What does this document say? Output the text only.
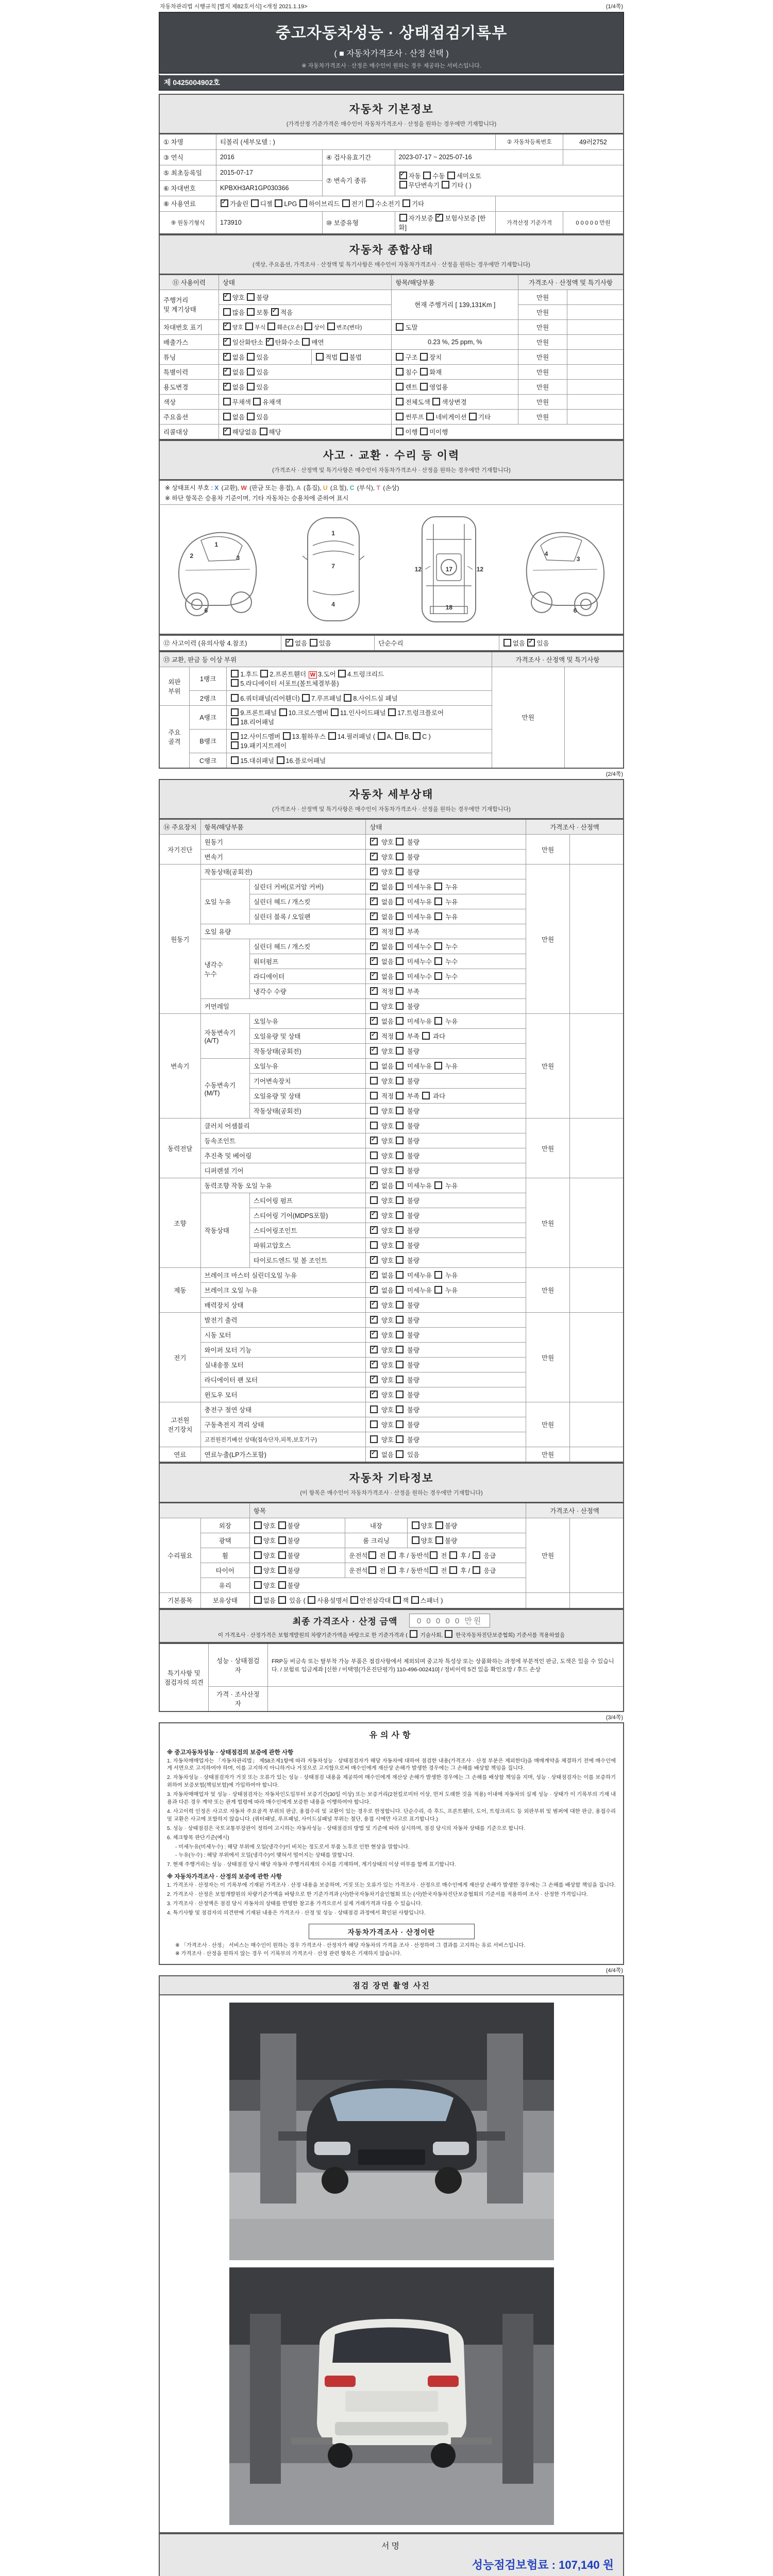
자동차관리법 시행규칙 [별지 제82호서식] <개정 2021.1.19>	(1/4쪽)
중고자동차성능 · 상태점검기록부
( ■ 자동차가격조사 · 산정 선택 )
※ 자동차가격조사 · 산정은 매수인이 원하는 경우 제공하는 서비스입니다.
제 0425004902호
자동차 기본정보
(가격산정 기준가격은 매수인이 자동차가격조사 · 산정을 원하는 경우에만 기재합니다)
① 차명	티볼리 (세부모델 : )			② 자동차등록번호	49러2752
③ 연식	2016	④ 검사유효기간	2023-07-17 ~ 2025-07-16		
⑤ 최초등록일	2015-07-17	⑦ 변속기 종류	✓자동 수동 세미오토
무단변속기 기타 ( )
⑥ 차대번호	KPBXH3AR1GP030366				
⑧ 사용연료	✓가솔린 디젤 LPG 하이브리드 전기 수소전기 기타	
⑨ 원동기형식	173910	⑩ 보증유형	자가보증 ✓보험사보증 [한화]	가격산정 기준가격	0 0 0 0 0 만원
자동차 종합상태
(색상, 주요옵션, 가격조사 · 산정액 및 특기사항은 매수인이 자동차가격조사 · 산정을 원하는 경우에만 기재합니다)
⑪ 사용이력	상태		항목/해당부품	가격조사 · 산정액 및 특기사항	
주행거리
및 계기상태	✓양호 불량		현재 주행거리 [ 139,131Km ]	만원	
	많음 보통 ✓적음			만원	
차대번호 표기	✓양호 부식 훼손(오손) 상이 변조(변타)		도말	만원	
배출가스	✓일산화탄소 ✓탄화수소 매연		0.23 %, 25 ppm, %	만원	
튜닝	✓없음 있음	적법 불법	구조 장치	만원	
특별이력	✓없음 있음		침수 화재	만원	
용도변경	✓없음 있음		렌트 영업용	만원	
색상	무채색 유채색		전체도색 색상변경	만원	
주요옵션	없음 있음		썬루프 네비게이션 기타	만원	
리콜대상	✓해당없음 해당		이행 미이행		
사고 · 교환 · 수리 등 이력
(가격조사 · 산정액 및 특기사항은 매수인이 자동차가격조사 · 산정을 원하는 경우에만 기재합니다)
※ 상태표시 부호 : X (교환), W (판금 또는 용접), A (흠집), U (요철), C (부식), T (손상)
※ 하단 항목은 승용차 기준이며, 기타 자동차는 승용차에 준하여 표시
1
2	3
6
1
7
4
12	17	12
18
4
3
6
⑫ 사고이력 (유의사항 4.참조)	✓없음 있음	단순수리	없음 ✓있음
⑬ 교환, 판금 등 이상 부위			가격조사 · 산정액 및 특기사항	
외판
부위	1랭크	1.후드 2.프론트휀더 W 3.도어 4.트렁크리드
5.라디에이터 서포트(볼트체결부품)	만원	
	2랭크	6.쿼터패널(리어휀더) 7.루프패널 8.사이드실 패널		
주요
골격	A랭크	9.프론트패널 10.크로스멤버 11.인사이드패널 17.트렁크플로어
18.리어패널		
	B랭크	12.사이드멤버 13.휠하우스 14.필러패널 ( A, B, C )
19.패키지트레이		
	C랭크	15.대쉬패널 16.플로어패널		
(2/4쪽)
자동차 세부상태
(가격조사 · 산정액 및 특기사항은 매수인이 자동차가격조사 · 산정을 원하는 경우에만 기재합니다)
⑭ 주요장치	항목/해당부품		상태	가격조사 · 산정액	
자기진단	원동기	✓ 양호  불량	만원	
	변속기	✓ 양호  불량
원동기	작동상태(공회전)	✓ 양호  불량	만원	
	오일 누유	실린더 커버(로커암 커버)	✓ 없음  미세누유  누유
		실린더 헤드 / 개스킷	✓ 없음  미세누유  누유
		실린더 블록 / 오일팬	✓ 없음  미세누유  누유
	오일 유량	✓ 적정  부족
	냉각수
누수	실린더 헤드 / 개스킷	✓ 없음  미세누수  누수
		워터펌프	✓ 없음  미세누수  누수
		라디에이터	✓ 없음  미세누수  누수
		냉각수 수량	✓ 적정  부족
	커먼레일		양호  불량		
변속기	자동변속기
(A/T)	오일누유	✓ 없음  미세누유  누유	만원	
		오일유량 및 상태	✓ 적정  부족  과다
		작동상태(공회전)	✓ 양호  불량
	수동변속기
(M/T)	오일누유	없음  미세누유  누유		
		기어변속장치	양호  불량		
		오일유량 및 상태	적정  부족  과다		
		작동상태(공회전)	양호  불량		
동력전달	클러치 어셈블리		양호  불량	만원	
	등속조인트	✓ 양호  불량
	추진축 및 베어링		양호  불량		
	디퍼렌셜 기어		양호  불량		
조향	동력조향 작동 오일 누유	✓ 없음  미세누유  누유	만원	
	작동상태	스티어링 펌프	양호  불량		
		스티어링 기어(MDPS포함)	✓ 양호  불량
		스티어링조인트	✓ 양호  불량
		파워고압호스	양호  불량		
		타이로드엔드 및 볼 조인트	✓ 양호  불량
제동	브레이크 마스터 실린더오일 누유	✓ 없음  미세누유  누유	만원	
	브레이크 오일 누유	✓ 없음  미세누유  누유
	배력장치 상태	✓ 양호  불량
전기	발전기 출력	✓ 양호  불량	만원	
	시동 모터	✓ 양호  불량
	와이퍼 모터 기능	✓ 양호  불량
	실내송풍 모터	✓ 양호  불량
	라디에이터 팬 모터	✓ 양호  불량
	윈도우 모터	✓ 양호  불량
고전원
전기장치	충전구 절연 상태		양호  불량	만원	
	구동축전지 격리 상태		양호  불량		
	고전원전기배선 상태(접속단자,피복,보호기구)		양호  불량		
연료	연료누출(LP가스포함)	✓ 없음  있음	만원	
자동차 기타정보
(이 항목은 매수인이 자동차가격조사 · 산정을 원하는 경우에만 기재합니다)
		항목			가격조사 · 산정액	
수리필요	외장	양호 불량	내장	양호 불량	만원	
	광택	양호 불량	룸 크리닝	양호 불량		
	휠	양호 불량	운전석 전  후 / 동반석 전  후 /  응급			
	타이어	양호 불량	운전석 전  후 / 동반석 전  후 /  응급			
	유리	양호 불량				
기본품목	보유상태	없음  있음 ( 사용설명서 안전삼각대 잭 스패너 )				
최종 가격조사 · 산정 금액 0 0 0 0 0 만원
이 가격조사 · 산정가격은 보험개발원의 차량기준가액을 바탕으로 한 기준가격과 (  기술사회,  한국자동차진단보증협회) 기준서를 적용하였음
특기사항 및
점검자의 의견	성능 · 상태점검
자	FRP등 비금속 또는 탈부착 가능 부품은 점검사항에서 제외되며 중고차 특성상 또는 상품화하는 과정에 부분적인 판금, 도색은 있을 수 있습니다. / 보험료 입금계좌 [신한 / 이택영(가온진단평가) 110-496-002410] / 정비이력 5건 있음 확인요망 / 후드 손상
	가격 · 조사산정
자	
(3/4쪽)
유의사항
※ 중고자동차성능 · 상태점검의 보증에 관한 사항
1. 자동차매매업자는 「자동차관리법」 제58조제1항에 따라 자동차성능 · 상태점검자가 해당 자동차에 대하여 점검한 내용(가격조사 · 산정 부분은 제외한다)을 매매계약을 체결하기 전에 매수인에게 서면으로 고지하여야 하며, 이를 고지하지 아니하거나 거짓으로 고지함으로써 매수인에게 재산상 손해가 발생한 경우에는 그 손해를 배상할 책임을 집니다.
2. 자동차성능 · 상태점검자가 거짓 또는 오류가 있는 성능 · 상태점검 내용을 제공하여 매수인에게 재산상 손해가 발생한 경우에는 그 손해를 배상할 책임을 지며, 성능 · 상태점검자는 이를 보증하기 위하여 보증보험(책임보험)에 가입하여야 합니다.
3. 자동차매매업자 및 성능 · 상태점검자는 자동차인도일부터 보증기간(30일 이상) 또는 보증거리(2천킬로미터 이상, 먼저 도래한 것을 적용) 이내에 자동차의 실제 성능 · 상태가 이 기록부의 기재 내용과 다른 경우 계약 또는 관계 법령에 따라 매수인에게 보증한 내용을 이행하여야 합니다.
4. 사고이력 인정은 사고로 자동차 주요골격 부위의 판금, 용접수리 및 교환이 있는 경우로 한정합니다. 단순수리, 즉 후드, 프론트휀더, 도어, 트렁크리드 등 외판부위 및 범퍼에 대한 판금, 용접수리 및 교환은 사고에 포함하지 않습니다. (쿼터패널, 루프패널, 사이드실패널 부위는 절단, 용접 시에만 사고로 표기합니다.)
5. 성능 · 상태점검은 국토교통부장관이 정하여 고시하는 자동차성능 · 상태점검의 방법 및 기준에 따라 실시하며, 점검 당시의 자동차 상태를 기준으로 합니다.
6. 체크항목 판단기준(예시)
- 미세누유(미세누수) : 해당 부위에 오일(냉각수)이 비치는 정도로서 부품 노후로 인한 현상을 말합니다.
- 누유(누수) : 해당 부위에서 오일(냉각수)이 맺혀서 떨어지는 상태를 말합니다.
7. 현재 주행거리는 성능 · 상태점검 당시 해당 자동차 주행거리계의 수치를 기재하며, 계기상태의 이상 여부를 함께 표기합니다.
※ 자동차가격조사 · 산정의 보증에 관한 사항
1. 가격조사 · 산정자는 이 기록부에 기재된 가격조사 · 산정 내용을 보증하며, 거짓 또는 오류가 있는 가격조사 · 산정으로 매수인에게 재산상 손해가 발생한 경우에는 그 손해를 배상할 책임을 집니다.
2. 가격조사 · 산정은 보험개발원의 차량기준가액을 바탕으로 한 기준가격과 (사)한국자동차기술인협회 또는 (사)한국자동차진단보증협회의 기준서를 적용하여 조사 · 산정한 가격입니다.
3. 가격조사 · 산정액은 점검 당시 자동차의 상태를 반영한 참고용 가격으로서 실제 거래가격과 다를 수 있습니다.
4. 특기사항 및 점검자의 의견란에 기재된 내용은 가격조사 · 산정 및 성능 · 상태점검 과정에서 확인된 사항입니다.
자동차가격조사 · 산정이란
※ 「가격조사 · 산정」 서비스는 매수인이 원하는 경우 가격조사 · 산정자가 해당 자동차의 가격을 조사 · 산정하여 그 결과를 고지하는 유료 서비스입니다.
※ 가격조사 · 산정을 원하지 않는 경우 이 기록부의 가격조사 · 산정 관련 항목은 기재하지 않습니다.
(4/4쪽)
점검 장면 촬영 사진
서명
성능점검보험료 : 107,140 원
